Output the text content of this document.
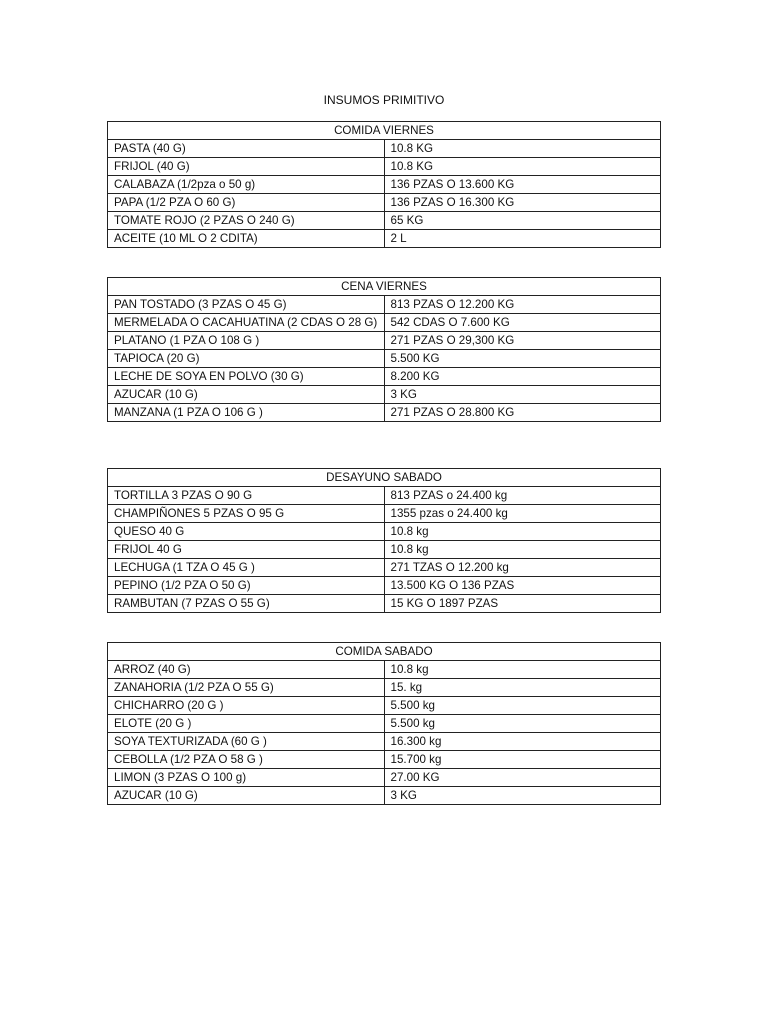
INSUMOS PRIMITIVO
COMIDA VIERNES	
PASTA (40 G)	10.8 KG
FRIJOL (40 G)	10.8 KG
CALABAZA (1/2pza o 50 g)	136 PZAS O 13.600 KG
PAPA (1/2 PZA O 60 G)	136 PZAS O 16.300 KG
TOMATE ROJO (2 PZAS O 240 G)	65 KG
ACEITE (10 ML O 2 CDITA)	2 L
CENA VIERNES	
PAN TOSTADO (3 PZAS O 45 G)	813 PZAS O 12.200 KG
MERMELADA O CACAHUATINA (2 CDAS O 28 G)	542 CDAS O 7.600 KG
PLATANO (1 PZA O 108 G )	271 PZAS O 29,300 KG
TAPIOCA (20 G)	5.500 KG
LECHE DE SOYA EN POLVO (30 G)	8.200 KG
AZUCAR (10 G)	3 KG
MANZANA (1 PZA O 106 G )	271 PZAS O 28.800 KG
DESAYUNO SABADO	
TORTILLA 3 PZAS O 90 G	813 PZAS o 24.400 kg
CHAMPIÑONES 5 PZAS O 95 G	1355 pzas o 24.400 kg
QUESO 40 G	10.8 kg
FRIJOL 40 G	10.8 kg
LECHUGA (1 TZA O 45 G )	271 TZAS O 12.200 kg
PEPINO (1/2 PZA O 50 G)	13.500 KG O 136 PZAS
RAMBUTAN (7 PZAS O 55 G)	15 KG O 1897 PZAS
COMIDA SABADO	
ARROZ (40 G)	10.8 kg
ZANAHORIA (1/2 PZA O 55 G)	15. kg
CHICHARRO (20 G )	5.500 kg
ELOTE (20 G )	5.500 kg
SOYA TEXTURIZADA (60 G )	16.300 kg
CEBOLLA (1/2 PZA O 58 G )	15.700 kg
LIMON (3 PZAS O 100 g)	27.00 KG
AZUCAR (10 G)	3 KG
